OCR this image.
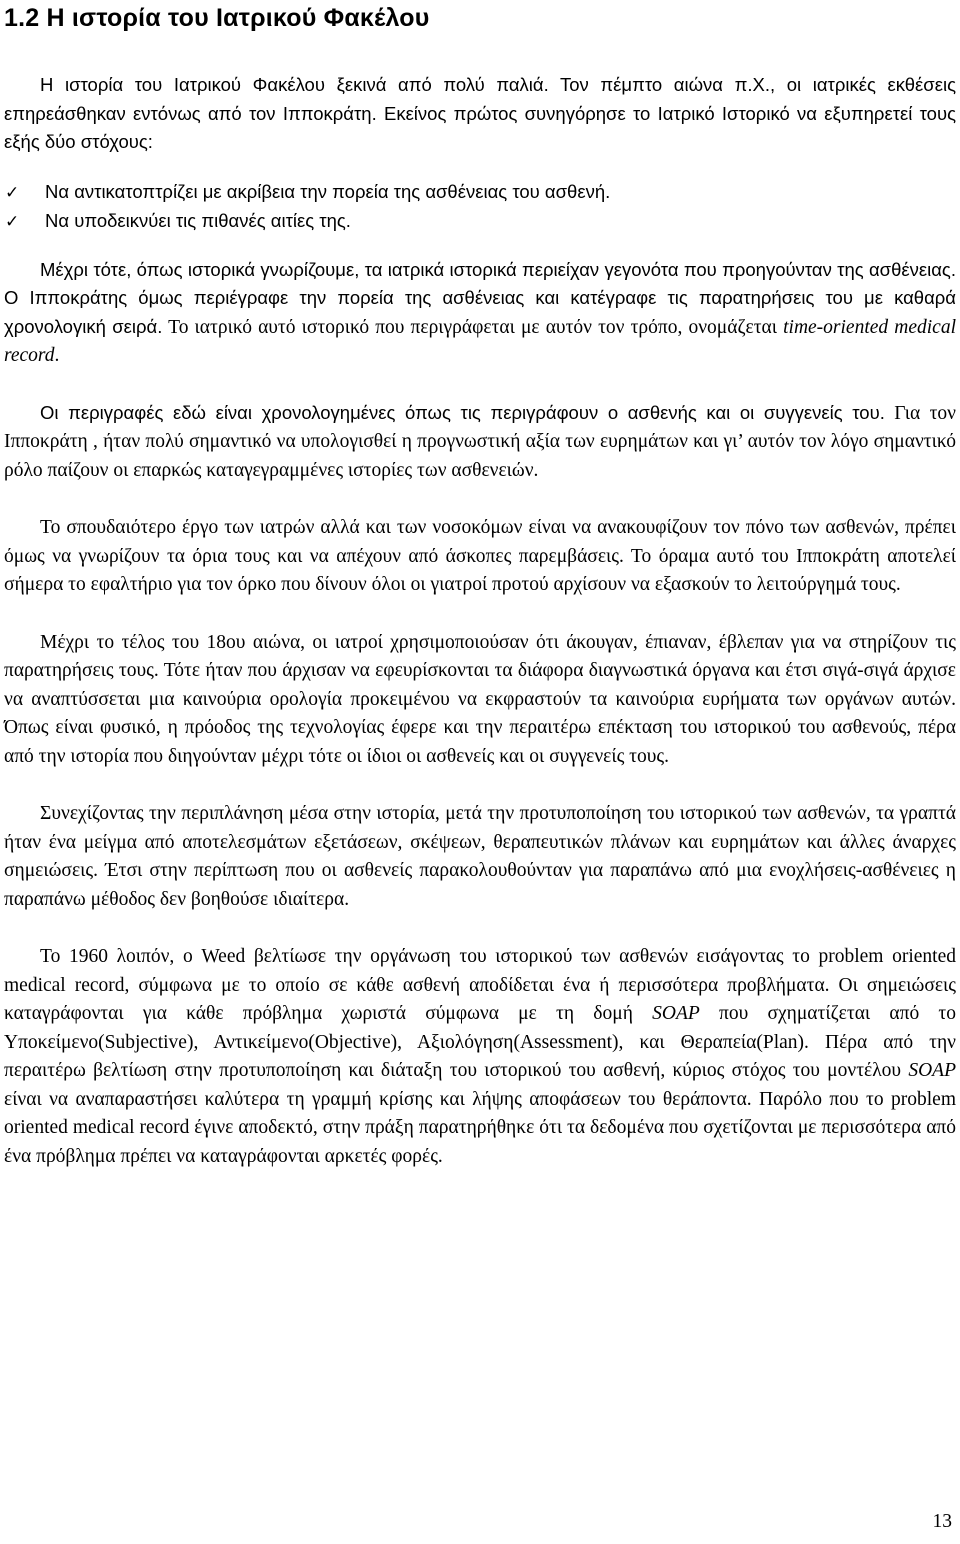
1.2 Η ιστορία του Ιατρικού Φακέλου

Η ιστορία του Ιατρικού Φακέλου ξεκινά από πολύ παλιά. Τον πέμπτο αιώνα π.Χ., οι ιατρικές εκθέσεις επηρεάσθηκαν εντόνως από τον Ιπποκράτη. Εκείνος πρώτος συνηγόρησε το Ιατρικό Ιστορικό να εξυπηρετεί τους εξής δύο στόχους:

✓	Να αντικατοπτρίζει με ακρίβεια την πορεία της ασθένειας του ασθενή.
✓	Να υποδεικνύει τις πιθανές αιτίες της.

Μέχρι τότε, όπως ιστορικά γνωρίζουμε, τα ιατρικά ιστορικά περιείχαν γεγονότα που προηγούνταν της ασθένειας. Ο Ιπποκράτης όμως περιέγραφε την πορεία της ασθένειας και κατέγραφε τις παρατηρήσεις του με καθαρά χρονολογική σειρά. Το ιατρικό αυτό ιστορικό που περιγράφεται με αυτόν τον τρόπο, ονομάζεται time-oriented medical record.

Οι περιγραφές εδώ είναι χρονολογημένες όπως τις περιγράφουν ο ασθενής και οι συγγενείς του. Για τον Ιπποκράτη , ήταν πολύ σημαντικό να υπολογισθεί η προγνωστική αξία των ευρημάτων και γι’ αυτόν τον λόγο σημαντικό ρόλο παίζουν οι επαρκώς καταγεγραμμένες ιστορίες των ασθενειών.

Το σπουδαιότερο έργο των ιατρών αλλά και των νοσοκόμων είναι να ανακουφίζουν τον πόνο των ασθενών, πρέπει όμως να γνωρίζουν τα όρια τους και να απέχουν από άσκοπες παρεμβάσεις. Το όραμα αυτό του Ιπποκράτη αποτελεί σήμερα το εφαλτήριο για τον όρκο που δίνουν όλοι οι γιατροί προτού αρχίσουν να εξασκούν το λειτούργημά τους.

Μέχρι το τέλος του 18ου αιώνα, οι ιατροί χρησιμοποιούσαν ότι άκουγαν, έπιαναν, έβλεπαν για να στηρίζουν τις παρατηρήσεις τους. Τότε ήταν που άρχισαν να εφευρίσκονται τα διάφορα διαγνωστικά όργανα και έτσι σιγά-σιγά άρχισε να αναπτύσσεται μια καινούρια ορολογία προκειμένου να εκφραστούν τα καινούρια ευρήματα των οργάνων αυτών. Όπως είναι φυσικό, η πρόοδος της τεχνολογίας έφερε και την περαιτέρω επέκταση του ιστορικού του ασθενούς, πέρα από την ιστορία που διηγούνταν μέχρι τότε οι ίδιοι οι ασθενείς και οι συγγενείς τους.

Συνεχίζοντας την περιπλάνηση μέσα στην ιστορία, μετά την προτυποποίηση του ιστορικού των ασθενών, τα γραπτά ήταν ένα μείγμα από αποτελεσμάτων εξετάσεων, σκέψεων, θεραπευτικών πλάνων και ευρημάτων και άλλες άναρχες σημειώσεις. Έτσι στην περίπτωση που οι ασθενείς παρακολουθούνταν για παραπάνω από μια ενοχλήσεις-ασθένειες η παραπάνω μέθοδος δεν βοηθούσε ιδιαίτερα.

Το 1960 λοιπόν, ο Weed βελτίωσε την οργάνωση του ιστορικού των ασθενών εισάγοντας το problem oriented medical record, σύμφωνα με το οποίο σε κάθε ασθενή αποδίδεται ένα ή περισσότερα προβλήματα. Οι σημειώσεις καταγράφονται για κάθε πρόβλημα χωριστά σύμφωνα με τη δομή SOAP που σχηματίζεται από το Υποκείμενο(Subjective), Αντικείμενο(Objective), Αξιολόγηση(Assessment), και Θεραπεία(Plan). Πέρα από την περαιτέρω βελτίωση στην προτυποποίηση και διάταξη του ιστορικού του ασθενή, κύριος στόχος του μοντέλου SOAP είναι να αναπαραστήσει καλύτερα τη γραμμή κρίσης και λήψης αποφάσεων του θεράποντα. Παρόλο που το problem oriented medical record έγινε αποδεκτό, στην πράξη παρατηρήθηκε ότι τα δεδομένα που σχετίζονται με περισσότερα από ένα πρόβλημα πρέπει να καταγράφονται αρκετές φορές.

13
